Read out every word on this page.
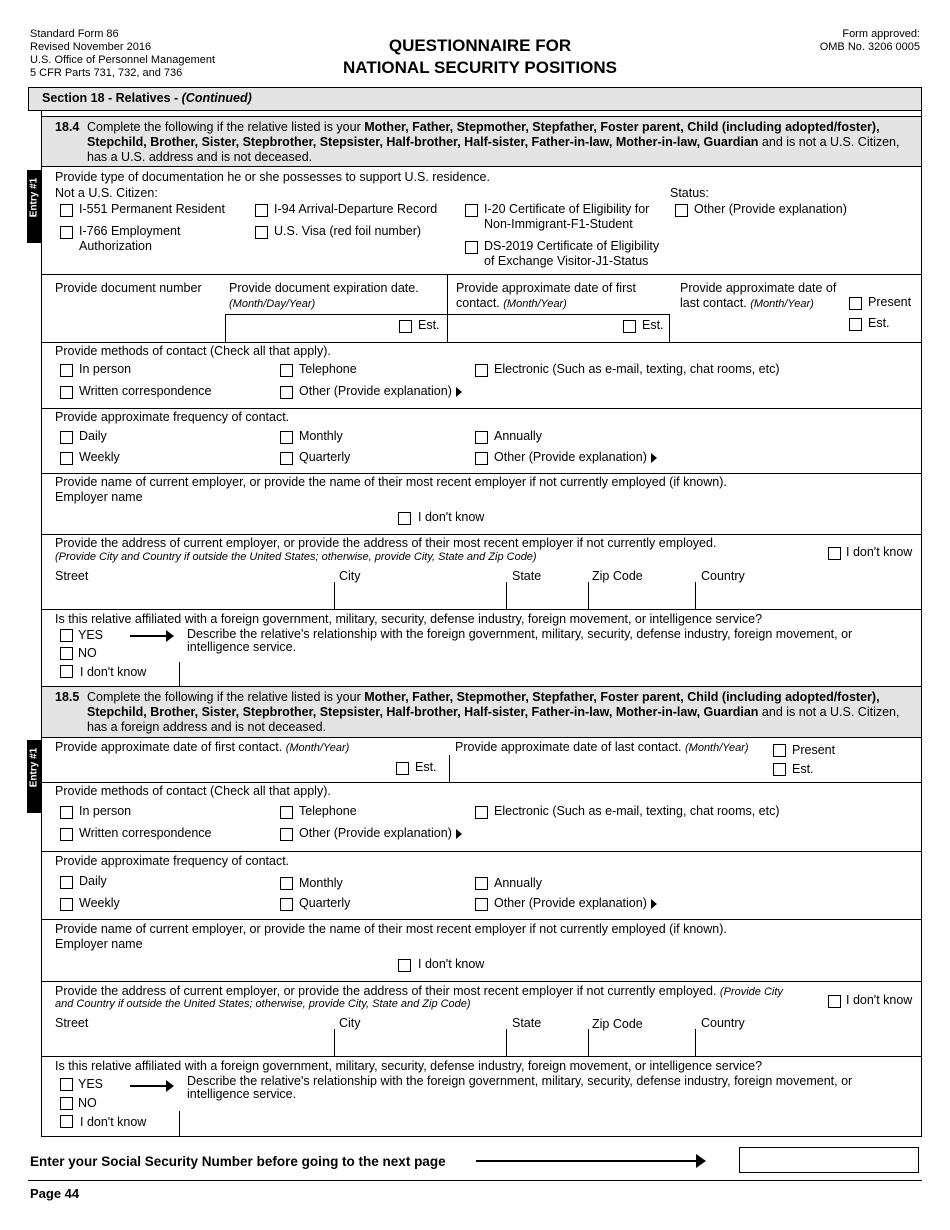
Standard Form 86
Revised November 2016
U.S. Office of Personnel Management
5 CFR Parts 731, 732, and 736
QUESTIONNAIRE FOR
NATIONAL SECURITY POSITIONS
Form approved:
OMB No. 3206 0005
Section 18 - Relatives - (Continued)
18.4 Complete the following if the relative listed is your Mother, Father, Stepmother, Stepfather, Foster parent, Child (including adopted/foster), Stepchild, Brother, Sister, Stepbrother, Stepsister, Half-brother, Half-sister, Father-in-law, Mother-in-law, Guardian and is not a U.S. Citizen, has a U.S. address and is not deceased.
Entry #1
Provide type of documentation he or she possesses to support U.S. residence.
Not a U.S. Citizen:	Status:
I-551 Permanent Resident
I-766 Employment Authorization
I-94 Arrival-Departure Record
U.S. Visa (red foil number)
I-20 Certificate of Eligibility for Non-Immigrant-F1-Student
DS-2019 Certificate of Eligibility of Exchange Visitor-J1-Status
Other (Provide explanation)
Provide document number Provide document expiration date. (Month/Day/Year)
Provide approximate date of first contact. (Month/Year)
Provide approximate date of last contact. (Month/Year)
Est.	Est.
Present
Est.
Provide methods of contact (Check all that apply).
In person
Written correspondence
Telephone
Other (Provide explanation)
Electronic (Such as e-mail, texting, chat rooms, etc)
Provide approximate frequency of contact.
Daily
Weekly
Monthly
Quarterly
Annually
Other (Provide explanation)
Provide name of current employer, or provide the name of their most recent employer if not currently employed (if known).
Employer name
I don't know
Provide the address of current employer, or provide the address of their most recent employer if not currently employed.
(Provide City and Country if outside the United States; otherwise, provide City, State and Zip Code)	I don't know
Street	City	State	Zip Code	Country
Is this relative affiliated with a foreign government, military, security, defense industry, foreign movement, or intelligence service?
YES	Describe the relative's relationship with the foreign government, military, security, defense industry, foreign movement, or intelligence service.
NO
I don't know
18.5 Complete the following if the relative listed is your Mother, Father, Stepmother, Stepfather, Foster parent, Child (including adopted/foster), Stepchild, Brother, Sister, Stepbrother, Stepsister, Half-brother, Half-sister, Father-in-law, Mother-in-law, Guardian and is not a U.S. Citizen, has a foreign address and is not deceased.
Entry #1
Provide approximate date of first contact. (Month/Year)	Provide approximate date of last contact. (Month/Year)
Est.
Present
Est.
Provide methods of contact (Check all that apply).
In person
Written correspondence
Telephone
Other (Provide explanation)
Electronic (Such as e-mail, texting, chat rooms, etc)
Provide approximate frequency of contact.
Daily
Weekly
Monthly
Quarterly
Annually
Other (Provide explanation)
Provide name of current employer, or provide the name of their most recent employer if not currently employed (if known).
Employer name
I don't know
Provide the address of current employer, or provide the address of their most recent employer if not currently employed. (Provide City
and Country if outside the United States; otherwise, provide City, State and Zip Code)	I don't know
Street	City	State	Zip Code	Country
Is this relative affiliated with a foreign government, military, security, defense industry, foreign movement, or intelligence service?
YES	Describe the relative's relationship with the foreign government, military, security, defense industry, foreign movement, or intelligence service.
NO
I don't know
Enter your Social Security Number before going to the next page
Page 44
